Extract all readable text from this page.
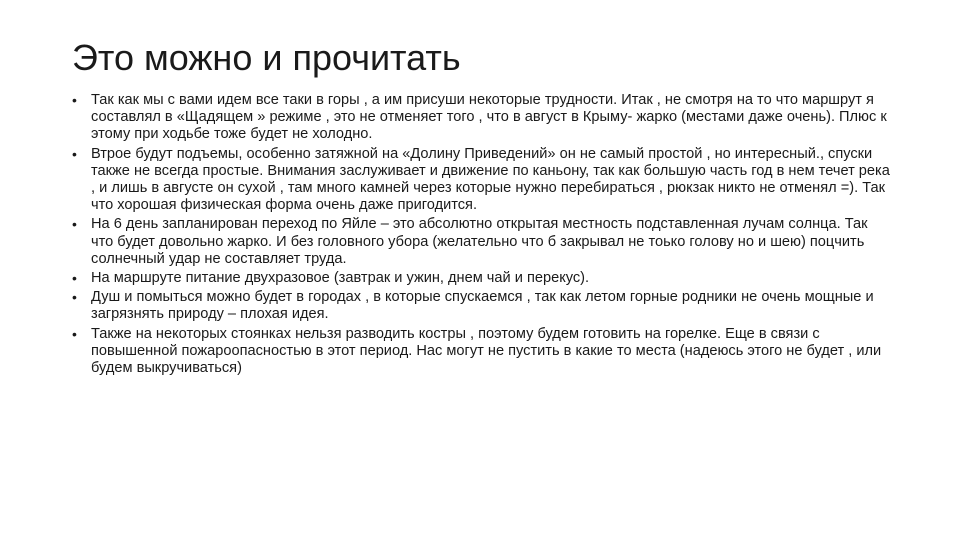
Это можно и прочитать
• Так как мы с вами идем все таки в горы , а им присуши некоторые трудности. Итак , не смотря на то что маршрут я составлял в «Щадящем » режиме , это не отменяет того , что в август в Крыму- жарко (местами даже очень). Плюс к этому при ходьбе тоже будет не холодно.
• Втрое будут подъемы, особенно затяжной на «Долину Приведений» он не самый простой , но интересный., спуски также не всегда простые. Внимания заслуживает и движение по каньону, так как большую часть год в нем течет река , и лишь в августе он сухой , там много камней через которые нужно перебираться , рюкзак никто не отменял =). Так что хорошая физическая форма очень даже пригодится.
• На 6 день запланирован переход по Яйле – это абсолютно открытая местность подставленная лучам солнца. Так что будет довольно жарко. И без головного убора (желательно что б закрывал не тоько голову но и шею) поцчить солнечный удар не составляет труда.
• На маршруте питание двухразовое (завтрак и ужин, днем чай и перекус).
• Душ и помыться можно будет в городах , в которые спускаемся , так как летом горные родники не очень мощные и загрязнять природу – плохая идея.
• Также на некоторых стоянках нельзя разводить костры , поэтому будем готовить на горелке. Еще в связи с повышенной пожароопасностью в этот период. Нас могут не пустить в какие то места (надеюсь этого не будет , или будем выкручиваться)
